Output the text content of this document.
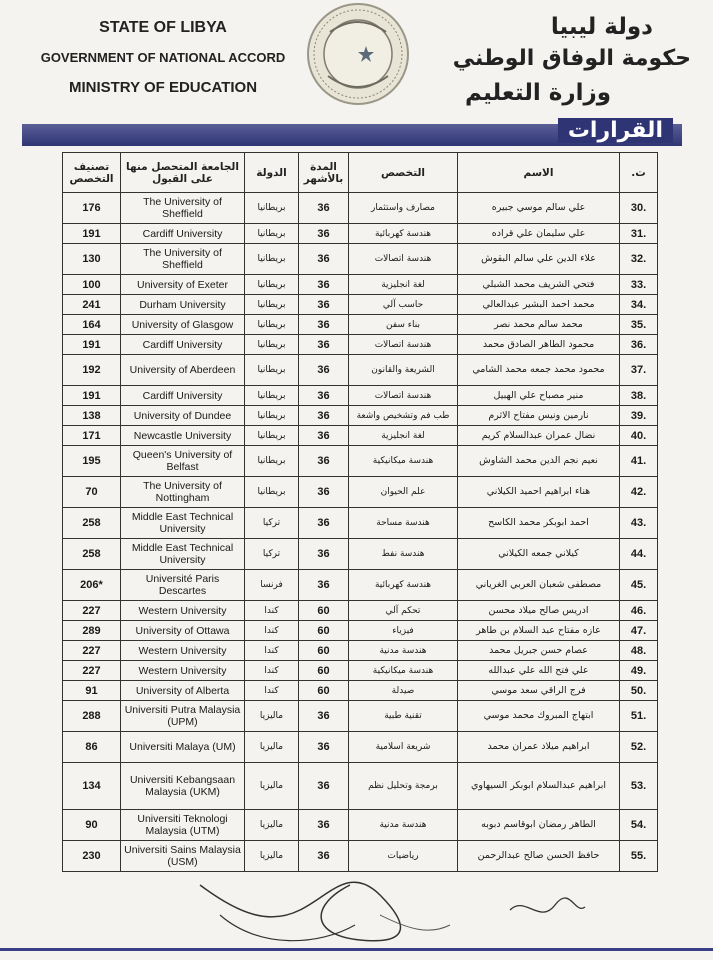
STATE OF LIBYA
GOVERNMENT OF NATIONAL ACCORD
MINISTRY OF EDUCATION
دولة ليبيا
حكومة الوفاق الوطني
وزارة التعليم
القرارات
تصنيف التخصص	الجامعة المتحصل منها على القبول	الدولة	المدة بالأشهر	التخصص	الاسم	ت.
176	The University of Sheffield	بريطانيا	36	مصارف واستثمار	علي سالم موسي جبيره	30.
191	Cardiff University	بريطانيا	36	هندسة كهربائية	علي سليمان علي قراده	31.
130	The University of Sheffield	بريطانيا	36	هندسة اتصالات	علاء الدين علي سالم البقوش	32.
100	University of Exeter	بريطانيا	36	لغة انجليزية	فتحي الشريف محمد الشبلي	33.
241	Durham University	بريطانيا	36	حاسب آلي	محمد احمد البشير عبدالعالي	34.
164	University of Glasgow	بريطانيا	36	بناء سفن	محمد سالم محمد نصر	35.
191	Cardiff University	بريطانيا	36	هندسة اتصالات	محمود الطاهر الصادق محمد	36.
192	University of Aberdeen	بريطانيا	36	الشريعة والقانون	محمود محمد جمعه محمد الشامي	37.
191	Cardiff University	بريطانيا	36	هندسة اتصالات	منير مصباح علي الهبيل	38.
138	University of Dundee	بريطانيا	36	طب فم وتشخيص واشعة	نارمين ونيس مفتاح الاثرم	39.
171	Newcastle University	بريطانيا	36	لغة انجليزية	نضال عمران عبدالسلام كريم	40.
195	Queen's University of Belfast	بريطانيا	36	هندسة ميكانيكية	نعيم نجم الدين محمد الشاوش	41.
70	The University of Nottingham	بريطانيا	36	علم الحيوان	هناء ابراهيم احميد الكيلاني	42.
258	Middle East Technical University	تركيا	36	هندسة مساحة	احمد ابوبكر محمد الكاسح	43.
258	Middle East Technical University	تركيا	36	هندسة نفط	كيلاني جمعه الكيلاني	44.
206*	Université Paris Descartes	فرنسا	36	هندسة كهربائية	مصطفى شعبان العربي الغرياني	45.
227	Western University	كندا	60	تحكم آلي	ادريس صالح ميلاد محسن	46.
289	University of Ottawa	كندا	60	فيزياء	عازه مفتاح عبد السلام بن طاهر	47.
227	Western University	كندا	60	هندسة مدنية	عصام حسن جبريل محمد	48.
227	Western University	كندا	60	هندسة ميكانيكية	علي فتح الله علي عبدالله	49.
91	University of Alberta	كندا	60	صيدلة	فرج الراقي سعد موسي	50.
288	Universiti Putra Malaysia (UPM)	ماليزيا	36	تقنية طبية	ابتهاج المبروك محمد موسي	51.
86	Universiti Malaya (UM)	ماليزيا	36	شريعة اسلامية	ابراهيم ميلاد عمران محمد	52.
134	Universiti Kebangsaan Malaysia (UKM)	ماليزيا	36	برمجة وتحليل نظم	ابراهيم عبدالسلام ابوبكر السيهاوي	53.
90	Universiti Teknologi Malaysia (UTM)	ماليزيا	36	هندسة مدنية	الطاهر رمضان ابوقاسم دبوبه	54.
230	Universiti Sains Malaysia (USM)	ماليزيا	36	رياضيات	حافظ الحسن صالح عبدالرحمن	55.
